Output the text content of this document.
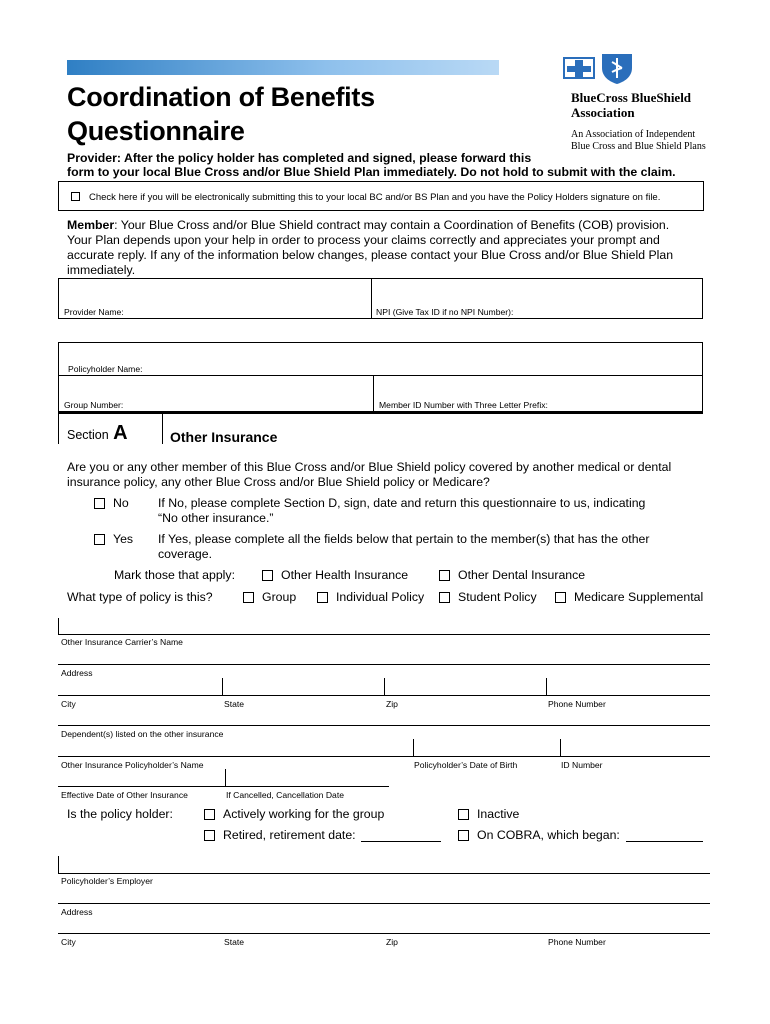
Coordination of Benefits
Questionnaire
BlueCross BlueShield
Association
An Association of Independent
Blue Cross and Blue Shield Plans
Provider: After the policy holder has completed and signed, please forward this
form to your local Blue Cross and/or Blue Shield Plan immediately. Do not hold to submit with the claim.
Check here if you will be electronically submitting this to your local BC and/or BS Plan and you have the Policy Holders signature on file.
Member: Your Blue Cross and/or Blue Shield contract may contain a Coordination of Benefits (COB) provision.
Your Plan depends upon your help in order to process your claims correctly and appreciates your prompt and
accurate reply. If any of the information below changes, please contact your Blue Cross and/or Blue Shield Plan
immediately.
Provider Name:	NPI (Give Tax ID if no NPI Number):
Policyholder Name:
Group Number:	Member ID Number with Three Letter Prefix:
Section A	Other Insurance
Are you or any other member of this Blue Cross and/or Blue Shield policy covered by another medical or dental
insurance policy, any other Blue Cross and/or Blue Shield policy or Medicare?
No If No, please complete Section D, sign, date and return this questionnaire to us, indicating
“No other insurance.”
Yes If Yes, please complete all the fields below that pertain to the member(s) that has the other
coverage.
Mark those that apply:	Other Health Insurance	Other Dental Insurance
What type of policy is this?	Group	Individual Policy	Student Policy	Medicare Supplemental
Other Insurance Carrier’s Name
Address
City	State	Zip	Phone Number
Dependent(s) listed on the other insurance
Other Insurance Policyholder’s Name	Policyholder’s Date of Birth	ID Number
Effective Date of Other Insurance	If Cancelled, Cancellation Date
Is the policy holder:	Actively working for the group	Inactive
Retired, retirement date:	On COBRA, which began:
Policyholder’s Employer
Address
City	State	Zip	Phone Number
